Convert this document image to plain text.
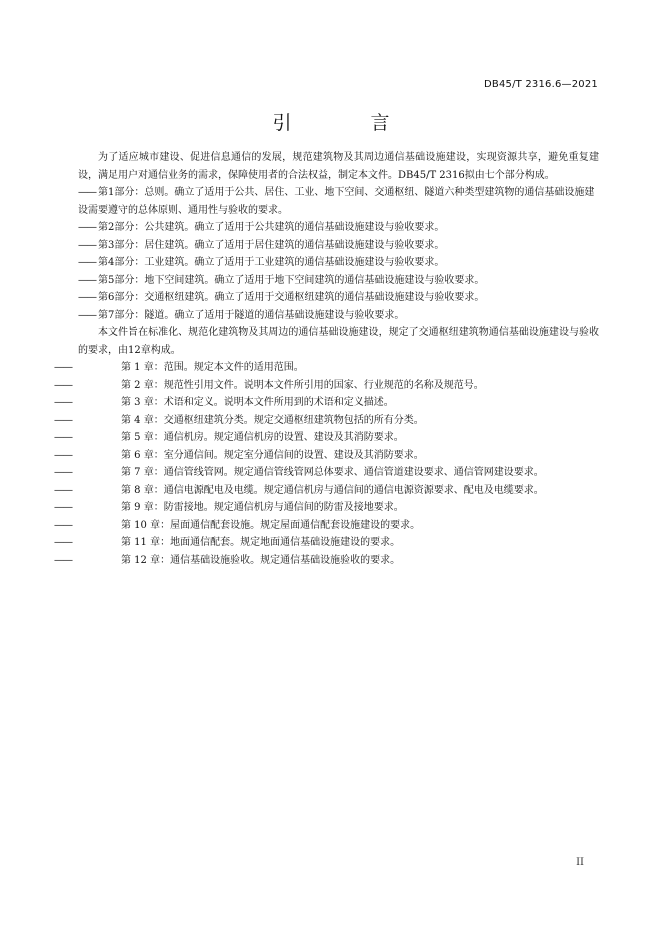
DB45/T 2316.6—2021
引　言

为了适应城市建设、促进信息通信的发展，规范建筑物及其周边通信基础设施建设，实现资源共享，避免重复建设，满足用户对通信业务的需求，保障使用者的合法权益，制定本文件。DB45/T 2316拟由七个部分构成。

—— 第1部分：总则。确立了适用于公共、居住、工业、地下空间、交通枢纽、隧道六种类型建筑物的通信基础设施建设需要遵守的总体原则、通用性与验收的要求。

—— 第2部分：公共建筑。确立了适用于公共建筑的通信基础设施建设与验收要求。

—— 第3部分：居住建筑。确立了适用于居住建筑的通信基础设施建设与验收要求。

—— 第4部分：工业建筑。确立了适用于工业建筑的通信基础设施建设与验收要求。

—— 第5部分：地下空间建筑。确立了适用于地下空间建筑的通信基础设施建设与验收要求。

—— 第6部分：交通枢纽建筑。确立了适用于交通枢纽建筑的通信基础设施建设与验收要求。

—— 第7部分：隧道。确立了适用于隧道的通信基础设施建设与验收要求。

本文件旨在标准化、规范化建筑物及其周边的通信基础设施建设，规定了交通枢纽建筑物通信基础设施建设与验收的要求，由12章构成。

——	第 1 章：范围。规定本文件的适用范围。

——	第 2 章：规范性引用文件。说明本文件所引用的国家、行业规范的名称及规范号。

——	第 3 章：术语和定义。说明本文件所用到的术语和定义描述。

——	第 4 章：交通枢纽建筑分类。规定交通枢纽建筑物包括的所有分类。

——	第 5 章：通信机房。规定通信机房的设置、建设及其消防要求。

——	第 6 章：室分通信间。规定室分通信间的设置、建设及其消防要求。

——	第 7 章：通信管线管网。规定通信管线管网总体要求、通信管道建设要求、通信管网建设要求。

——	第 8 章：通信电源配电及电缆。规定通信机房与通信间的通信电源资源要求、配电及电缆要求。

——	第 9 章：防雷接地。规定通信机房与通信间的防雷及接地要求。

——	第 10 章：屋面通信配套设施。规定屋面通信配套设施建设的要求。

——	第 11 章：地面通信配套。规定地面通信基础设施建设的要求。

——	第 12 章：通信基础设施验收。规定通信基础设施验收的要求。

II
